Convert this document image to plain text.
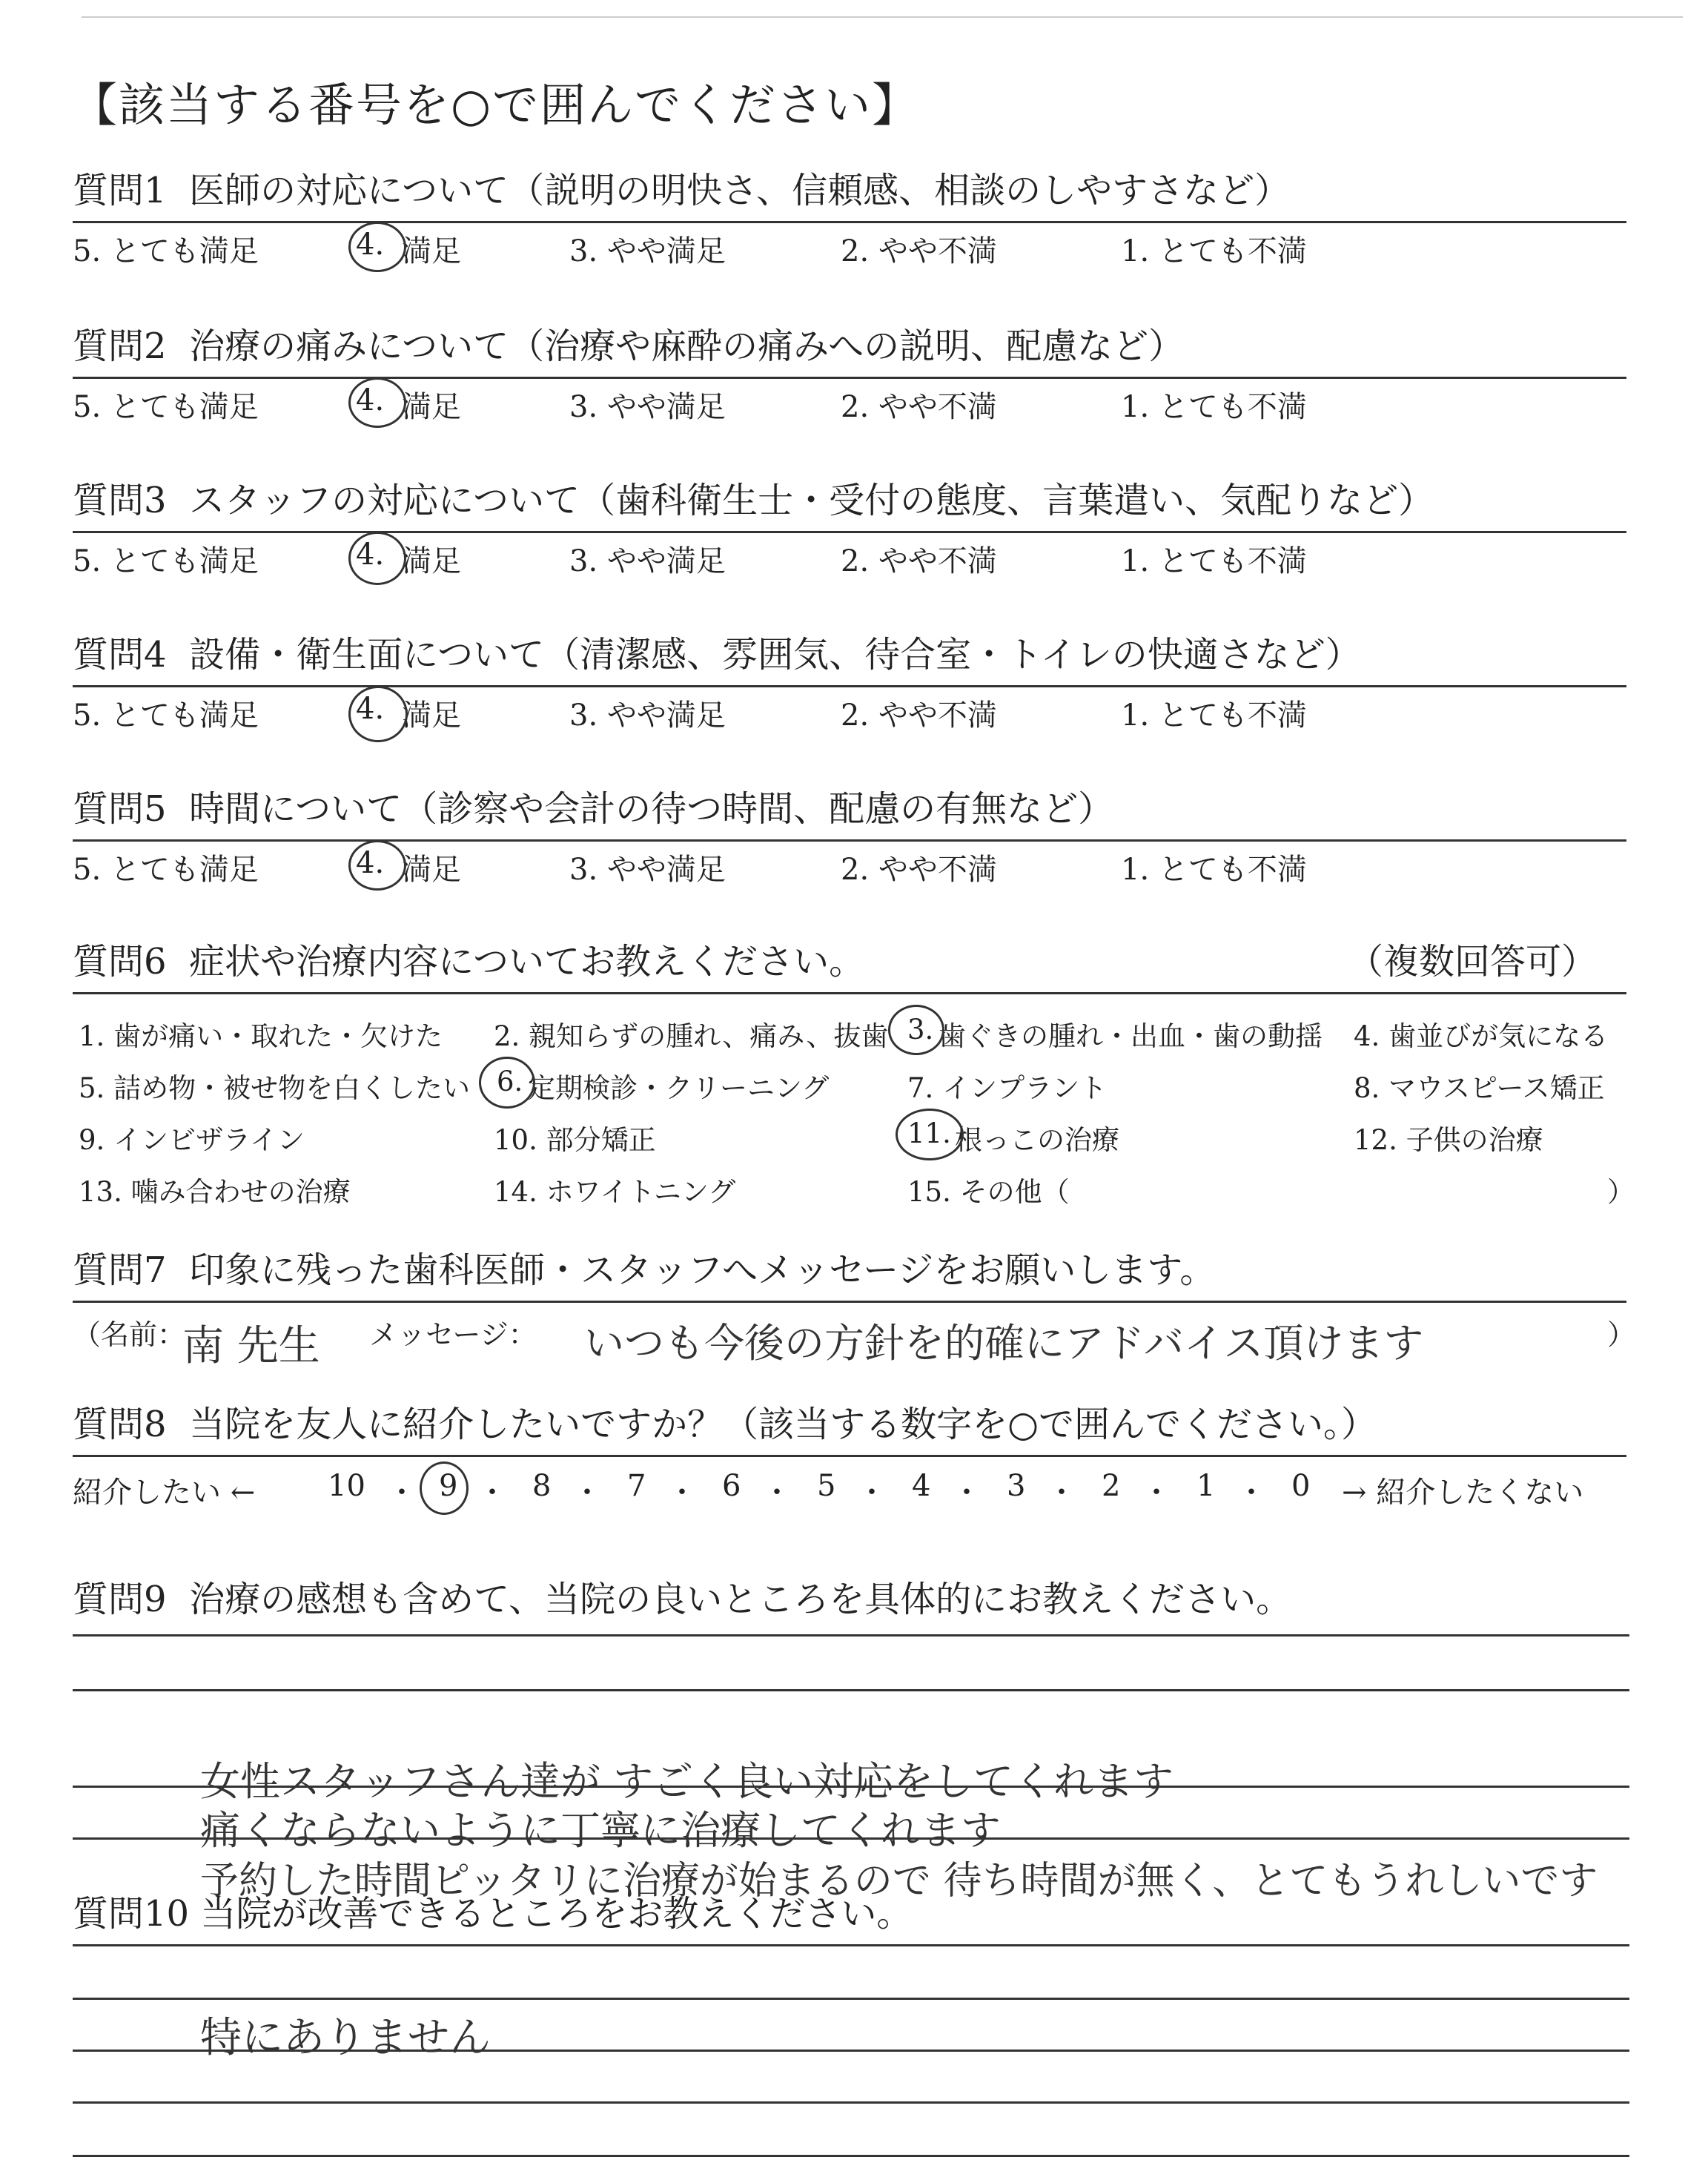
【該当する番号を○で囲んでください】
質問1 医師の対応について（説明の明快さ、信頼感、相談のしやすさなど）
5. とても満足	4. 満足	3. やや満足	2. やや不満	1. とても不満
質問2 治療の痛みについて（治療や麻酔の痛みへの説明、配慮など）
5. とても満足	4. 満足	3. やや満足	2. やや不満	1. とても不満
質問3 スタッフの対応について（歯科衛生士・受付の態度、言葉遣い、気配りなど）
5. とても満足	4. 満足	3. やや満足	2. やや不満	1. とても不満
質問4 設備・衛生面について（清潔感、雰囲気、待合室・トイレの快適さなど）
5. とても満足	4. 満足	3. やや満足	2. やや不満	1. とても不満
質問5 時間について（診察や会計の待つ時間、配慮の有無など）
5. とても満足	4. 満足	3. やや満足	2. やや不満	1. とても不満
質問6 症状や治療内容についてお教えください。	（複数回答可）
1. 歯が痛い・取れた・欠けた 2. 親知らずの腫れ、痛み、抜歯 3. 歯ぐきの腫れ・出血・歯の動揺 4. 歯並びが気になる
5. 詰め物・被せ物を白くしたい 6. 定期検診・クリーニング	7. インプラント	8. マウスピース矯正
9. インビザライン	10. 部分矯正	11. 根っこの治療	12. 子供の治療
13. 噛み合わせの治療	14. ホワイトニング	15. その他（	）
質問7 印象に残った歯科医師・スタッフへメッセージをお願いします。
（名前：
南 先生 メッセージ： いつも今後の方針を的確にアドバイス頂けます	）
質問8 当院を友人に紹介したいですか？（該当する数字を○で囲んでください。）
紹介したい ← 10 ・ 9 ・ 8 ・ 7 ・ 6 ・ 5 ・ 4 ・ 3 ・ 2 ・ 1 ・ 0 → 紹介したくない
質問9 治療の感想も含めて、当院の良いところを具体的にお教えください。
女性スタッフさん達が すごく良い対応をしてくれます
痛くならないように丁寧に治療してくれます
予約した時間ピッタリに治療が始まるので 待ち時間が無く、とてもうれしいです
質問10 当院が改善できるところをお教えください。
特にありません
